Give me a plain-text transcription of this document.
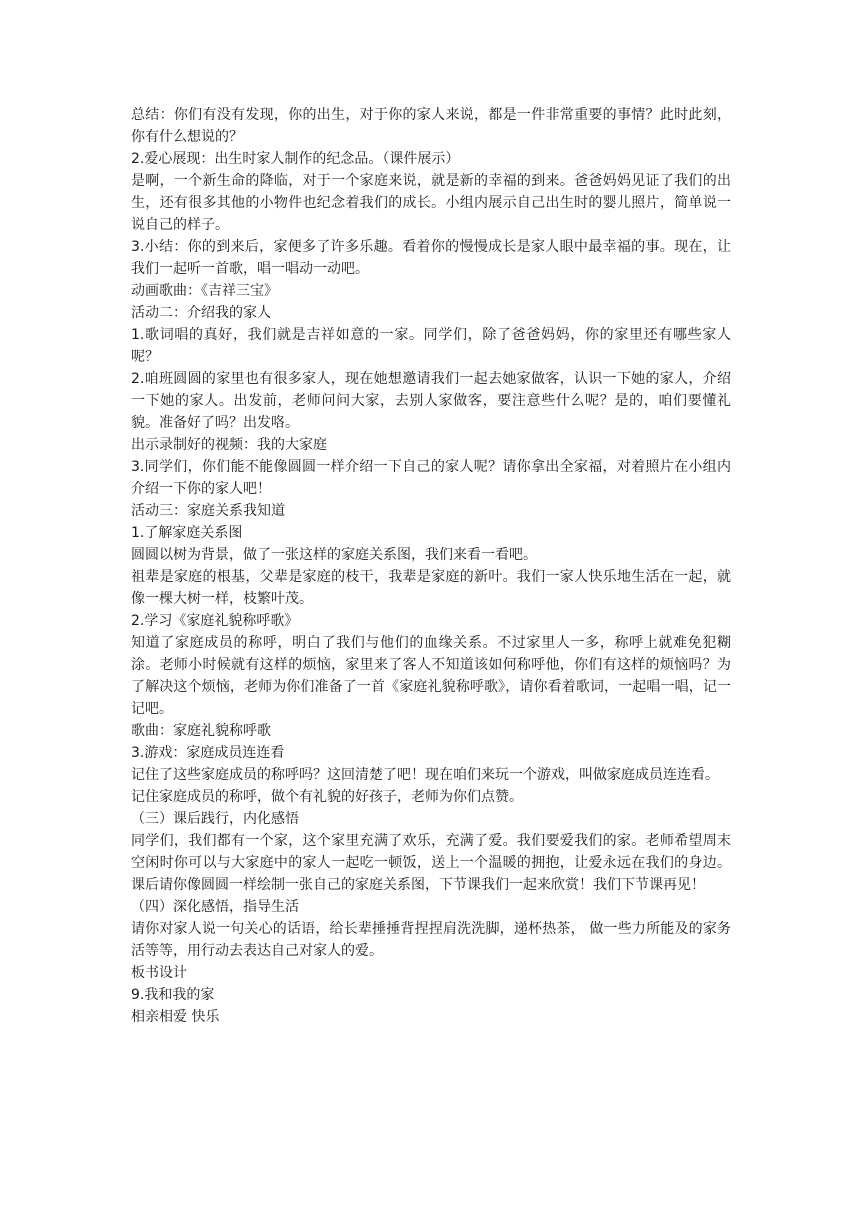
总结：你们有没有发现，你的出生，对于你的家人来说，都是一件非常重要的事情？此时此刻，你有什么想说的？

2.爱心展现：出生时家人制作的纪念品。（课件展示）

是啊，一个新生命的降临，对于一个家庭来说，就是新的幸福的到来。爸爸妈妈见证了我们的出生，还有很多其他的小物件也纪念着我们的成长。小组内展示自己出生时的婴儿照片，简单说一说自己的样子。

3.小结：你的到来后，家便多了许多乐趣。看着你的慢慢成长是家人眼中最幸福的事。现在，让我们一起听一首歌，唱一唱动一动吧。

动画歌曲：《吉祥三宝》

活动二：介绍我的家人

1.歌词唱的真好，我们就是吉祥如意的一家。同学们，除了爸爸妈妈，你的家里还有哪些家人呢？

2.咱班圆圆的家里也有很多家人，现在她想邀请我们一起去她家做客，认识一下她的家人，介绍一下她的家人。出发前，老师问问大家，去别人家做客，要注意些什么呢？是的，咱们要懂礼貌。准备好了吗？出发咯。

出示录制好的视频：我的大家庭

3.同学们，你们能不能像圆圆一样介绍一下自己的家人呢？请你拿出全家福，对着照片在小组内介绍一下你的家人吧！

活动三：家庭关系我知道

1.了解家庭关系图

圆圆以树为背景，做了一张这样的家庭关系图，我们来看一看吧。

祖辈是家庭的根基，父辈是家庭的枝干，我辈是家庭的新叶。我们一家人快乐地生活在一起，就像一棵大树一样，枝繁叶茂。

2.学习《家庭礼貌称呼歌》

知道了家庭成员的称呼，明白了我们与他们的血缘关系。不过家里人一多，称呼上就难免犯糊涂。老师小时候就有这样的烦恼，家里来了客人不知道该如何称呼他，你们有这样的烦恼吗？为了解决这个烦恼，老师为你们准备了一首《家庭礼貌称呼歌》，请你看着歌词，一起唱一唱，记一记吧。

歌曲：家庭礼貌称呼歌

3.游戏：家庭成员连连看

记住了这些家庭成员的称呼吗？这回清楚了吧！现在咱们来玩一个游戏，叫做家庭成员连连看。

记住家庭成员的称呼，做个有礼貌的好孩子，老师为你们点赞。

（三）课后践行，内化感悟

同学们，我们都有一个家，这个家里充满了欢乐，充满了爱。我们要爱我们的家。老师希望周末空闲时你可以与大家庭中的家人一起吃一顿饭，送上一个温暖的拥抱，让爱永远在我们的身边。课后请你像圆圆一样绘制一张自己的家庭关系图，下节课我们一起来欣赏！我们下节课再见！

（四）深化感悟，指导生活

请你对家人说一句关心的话语，给长辈捶捶背捏捏肩洗洗脚，递杯热茶， 做一些力所能及的家务活等等，用行动去表达自己对家人的爱。

板书设计

9.我和我的家

相亲相爱 快乐
